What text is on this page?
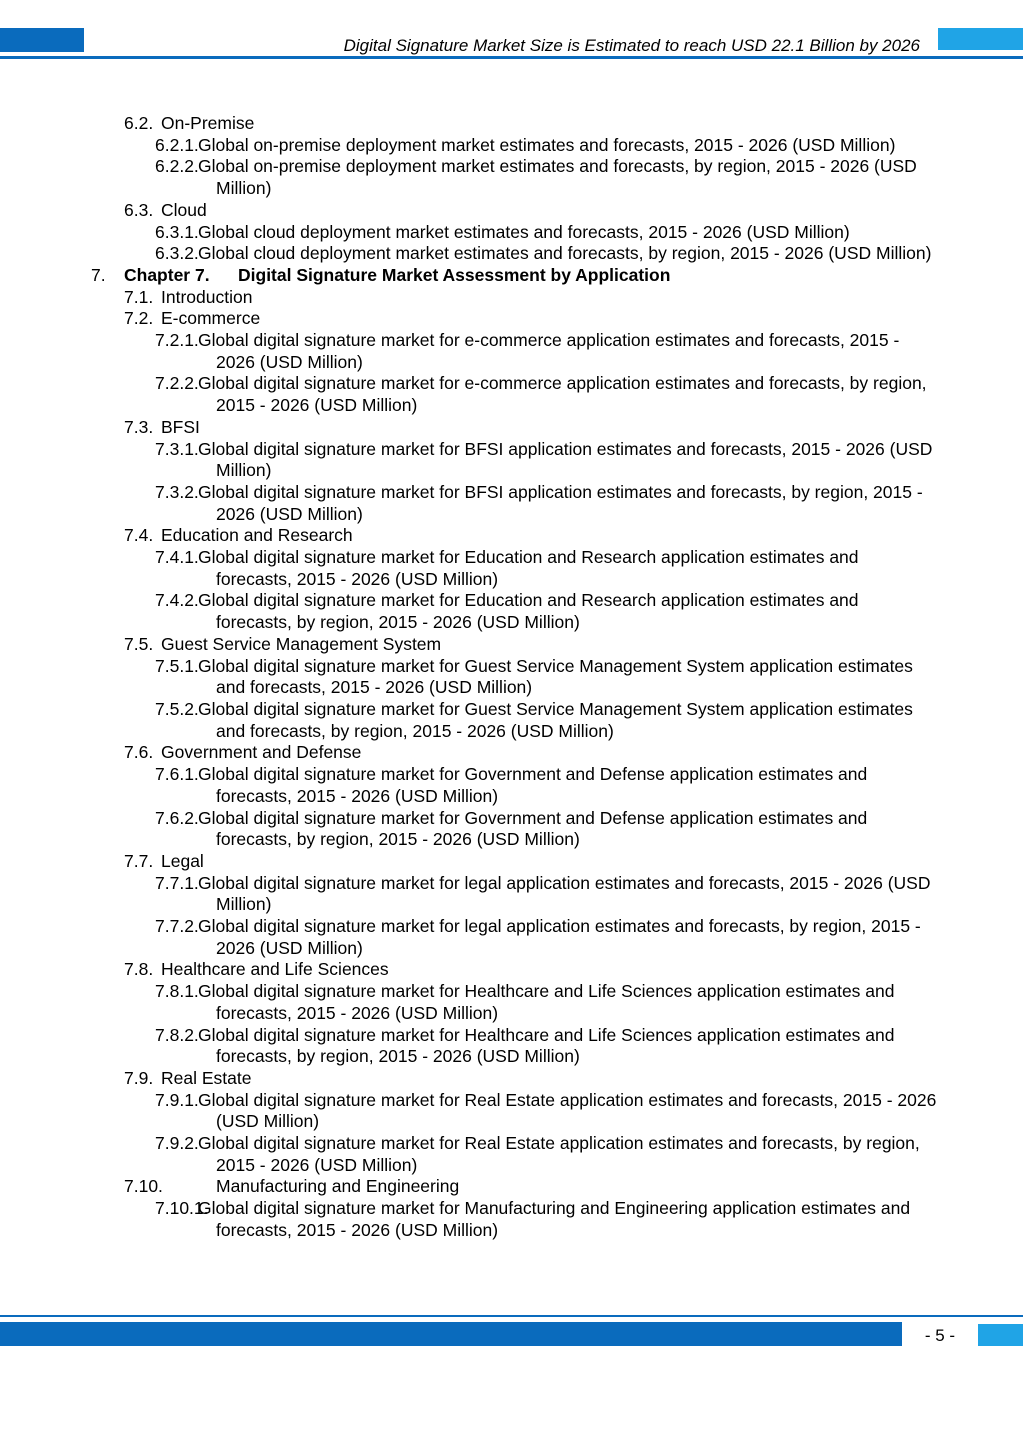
Digital Signature Market Size is Estimated to reach USD 22.1 Billion by 2026
6.2. On-Premise
6.2.1. Global on-premise deployment market estimates and forecasts, 2015 - 2026 (USD Million)
6.2.2. Global on-premise deployment market estimates and forecasts, by region, 2015 - 2026 (USD Million)
6.3. Cloud
6.3.1. Global cloud deployment market estimates and forecasts, 2015 - 2026 (USD Million)
6.3.2. Global cloud deployment market estimates and forecasts, by region, 2015 - 2026 (USD Million)
7. Chapter 7. Digital Signature Market Assessment by Application
7.1. Introduction
7.2. E-commerce
7.2.1. Global digital signature market for e-commerce application estimates and forecasts, 2015 - 2026 (USD Million)
7.2.2. Global digital signature market for e-commerce application estimates and forecasts, by region, 2015 - 2026 (USD Million)
7.3. BFSI
7.3.1. Global digital signature market for BFSI application estimates and forecasts, 2015 - 2026 (USD Million)
7.3.2. Global digital signature market for BFSI application estimates and forecasts, by region, 2015 - 2026 (USD Million)
7.4. Education and Research
7.4.1. Global digital signature market for Education and Research application estimates and forecasts, 2015 - 2026 (USD Million)
7.4.2. Global digital signature market for Education and Research application estimates and forecasts, by region, 2015 - 2026 (USD Million)
7.5. Guest Service Management System
7.5.1. Global digital signature market for Guest Service Management System application estimates and forecasts, 2015 - 2026 (USD Million)
7.5.2. Global digital signature market for Guest Service Management System application estimates and forecasts, by region, 2015 - 2026 (USD Million)
7.6. Government and Defense
7.6.1. Global digital signature market for Government and Defense application estimates and forecasts, 2015 - 2026 (USD Million)
7.6.2. Global digital signature market for Government and Defense application estimates and forecasts, by region, 2015 - 2026 (USD Million)
7.7. Legal
7.7.1. Global digital signature market for legal application estimates and forecasts, 2015 - 2026 (USD Million)
7.7.2. Global digital signature market for legal application estimates and forecasts, by region, 2015 - 2026 (USD Million)
7.8. Healthcare and Life Sciences
7.8.1. Global digital signature market for Healthcare and Life Sciences application estimates and forecasts, 2015 - 2026 (USD Million)
7.8.2. Global digital signature market for Healthcare and Life Sciences application estimates and forecasts, by region, 2015 - 2026 (USD Million)
7.9. Real Estate
7.9.1. Global digital signature market for Real Estate application estimates and forecasts, 2015 - 2026 (USD Million)
7.9.2. Global digital signature market for Real Estate application estimates and forecasts, by region, 2015 - 2026 (USD Million)
7.10.	Manufacturing and Engineering
7.10.1.
Global digital signature market for Manufacturing and Engineering application estimates and forecasts, 2015 - 2026 (USD Million)
- 5 -
